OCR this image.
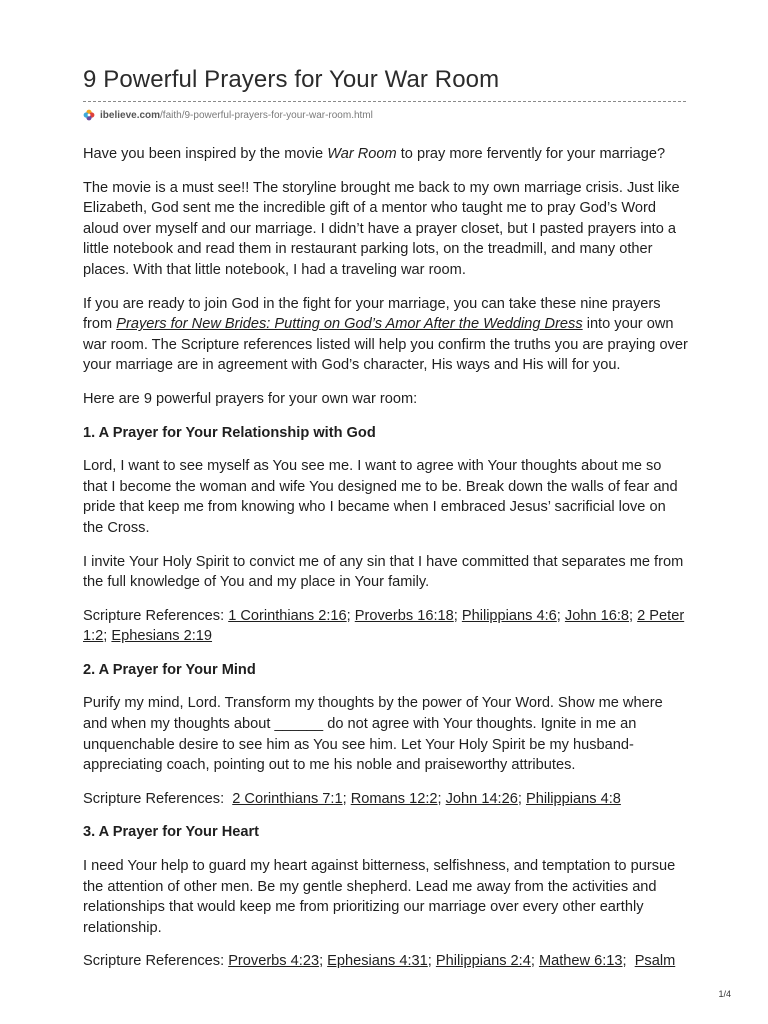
9 Powerful Prayers for Your War Room
ibelieve.com /faith/9-powerful-prayers-for-your-war-room.html

Have you been inspired by the movie War Room to pray more fervently for your marriage?

The movie is a must see!! The storyline brought me back to my own marriage crisis. Just like Elizabeth, God sent me the incredible gift of a mentor who taught me to pray God’s Word aloud over myself and our marriage. I didn’t have a prayer closet, but I pasted prayers into a little notebook and read them in restaurant parking lots, on the treadmill, and many other places. With that little notebook, I had a traveling war room.

If you are ready to join God in the fight for your marriage, you can take these nine prayers from Prayers for New Brides: Putting on God’s Amor After the Wedding Dress into your own war room. The Scripture references listed will help you confirm the truths you are praying over your marriage are in agreement with God’s character, His ways and His will for you.

Here are 9 powerful prayers for your own war room:

1. A Prayer for Your Relationship with God

Lord, I want to see myself as You see me. I want to agree with Your thoughts about me so that I become the woman and wife You designed me to be. Break down the walls of fear and pride that keep me from knowing who I became when I embraced Jesus’ sacrificial love on the Cross.

I invite Your Holy Spirit to convict me of any sin that I have committed that separates me from the full knowledge of You and my place in Your family.

Scripture References: 1 Corinthians 2:16; Proverbs 16:18; Philippians 4:6; John 16:8; 2 Peter 1:2; Ephesians 2:19

2. A Prayer for Your Mind

Purify my mind, Lord. Transform my thoughts by the power of Your Word. Show me where and when my thoughts about ______ do not agree with Your thoughts. Ignite in me an unquenchable desire to see him as You see him. Let Your Holy Spirit be my husband-appreciating coach, pointing out to me his noble and praiseworthy attributes.

Scripture References:  2 Corinthians 7:1; Romans 12:2; John 14:26; Philippians 4:8

3. A Prayer for Your Heart

I need Your help to guard my heart against bitterness, selfishness, and temptation to pursue the attention of other men. Be my gentle shepherd. Lead me away from the activities and relationships that would keep me from prioritizing our marriage over every other earthly relationship.

Scripture References: Proverbs 4:23; Ephesians 4:31; Philippians 2:4; Mathew 6:13;  Psalm

1/4
